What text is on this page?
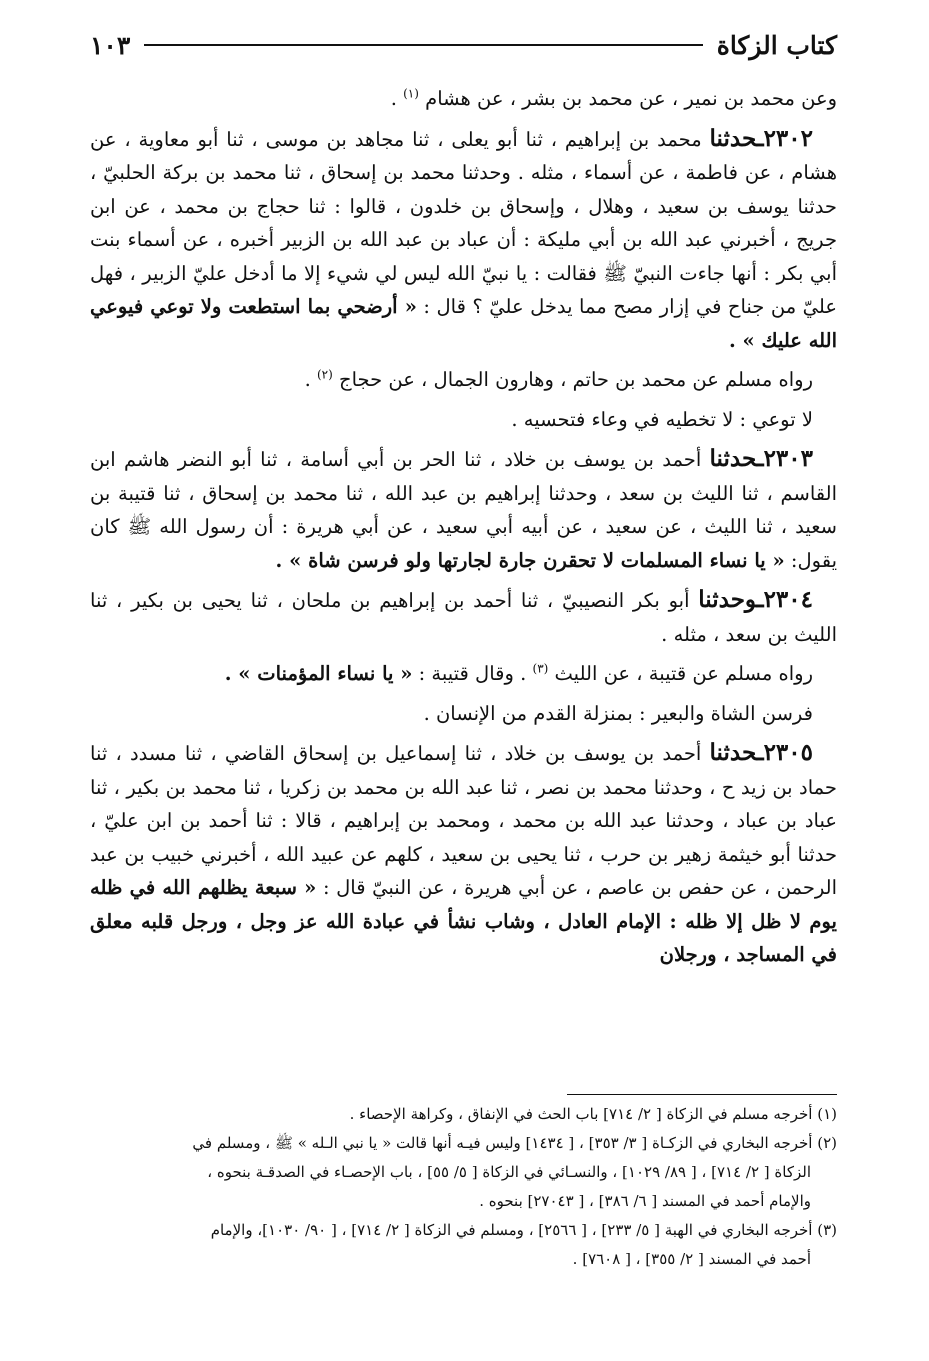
كتاب الزكاة
١٠٣

وعن محمد بن نمير ، عن محمد بن بشر ، عن هشام $^{(١)}$ .

٢٣٠٢ـحدثنا محمد بن إبراهيم ، ثنا أبو يعلى ، ثنا مجاهد بن موسى ، ثنا أبو معاوية ، عن هشام ، عن فاطمة ، عن أسماء ، مثله . وحدثنا محمد بن إسحاق ، ثنا محمد بن بركة الحلبيّ ، حدثنا يوسف بن سعيد ، وهلال ، وإسحاق بن خلدون ، قالوا : ثنا حجاج بن محمد ، عن ابن جريج ، أخبرني عبد الله بن أبي مليكة : أن عباد بن عبد الله بن الزبير أخبره ، عن أسماء بنت أبي بكر : أنها جاءت النبيّ ﷺ فقالت : يا نبيّ الله ليس لي شيء إلا ما أدخل عليّ الزبير ، فهل عليّ من جناح في إزار مصح مما يدخل عليّ ؟ قال : « أرضحي بما استطعت ولا توعي فيوعي الله عليك » .

رواه مسلم عن محمد بن حاتم ، وهارون الجمال ، عن حجاج $^{(٢)}$ .

لا توعي : لا تخطيه في وعاء فتحسيه .

٢٣٠٣ـحدثنا أحمد بن يوسف بن خلاد ، ثنا الحر بن أبي أسامة ، ثنا أبو النضر هاشم ابن القاسم ، ثنا الليث بن سعد ، وحدثنا إبراهيم بن عبد الله ، ثنا محمد بن إسحاق ، ثنا قتيبة بن سعيد ، ثنا الليث ، عن سعيد ، عن أبيه أبي سعيد ، عن أبي هريرة : أن رسول الله ﷺ كان يقول: « يا نساء المسلمات لا تحقرن جارة لجارتها ولو فرسن شاة » .

٢٣٠٤ـوحدثنا أبو بكر النصيبيّ ، ثنا أحمد بن إبراهيم بن ملحان ، ثنا يحيى بن بكير ، ثنا الليث بن سعد ، مثله .

رواه مسلم عن قتيبة ، عن الليث $^{(٣)}$ . وقال قتيبة : « يا نساء المؤمنات » .

فرسن الشاة والبعير : بمنزلة القدم من الإنسان .

٢٣٠٥ـحدثنا أحمد بن يوسف بن خلاد ، ثنا إسماعيل بن إسحاق القاضي ، ثنا مسدد ، ثنا حماد بن زيد ح ، وحدثنا محمد بن نصر ، ثنا عبد الله بن محمد بن زكريا ، ثنا محمد بن بكير ، ثنا عباد بن عباد ، وحدثنا عبد الله بن محمد ، ومحمد بن إبراهيم ، قالا : ثنا أحمد بن ابن عليّ ، حدثنا أبو خيثمة زهير بن حرب ، ثنا يحيى بن سعيد ، كلهم عن عبيد الله ، أخبرني خبيب بن عبد الرحمن ، عن حفص بن عاصم ، عن أبي هريرة ، عن النبيّ قال : « سبعة يظلهم الله في ظله يوم لا ظل إلا ظله : الإمام العادل ، وشاب نشأ في عبادة الله عز وجل ، ورجل قلبه معلق في المساجد ، ورجلان

(١) أخرجه مسلم في الزكاة [ ٢/ ٧١٤] باب الحث في الإنفاق ، وكراهة الإحصاء .

(٢) أخرجه البخاري في الزكـاة [ ٣/ ٣٥٣] ، [ ١٤٣٤] وليس فيـه أنها قالت « يا نبي الـله » ﷺ ، ومسلم في

الزكاة [ ٢/ ٧١٤] ، [ ٨٩/ ١٠٢٩] ، والنسـائي في الزكاة [ ٥/ ٥٥] ، باب الإحصـاء في الصدقـة بنحوه ،

والإمام أحمد في المسند [ ٦/ ٣٨٦] ، [ ٢٧٠٤٣] بنحوه .

(٣) أخرجه البخاري في الهبة [ ٥/ ٢٣٣] ، [ ٢٥٦٦] ، ومسلم في الزكاة [ ٢/ ٧١٤] ، [ ٩٠/ ١٠٣٠]، والإمام

أحمد في المسند [ ٢/ ٣٥٥] ، [ ٧٦٠٨] .
